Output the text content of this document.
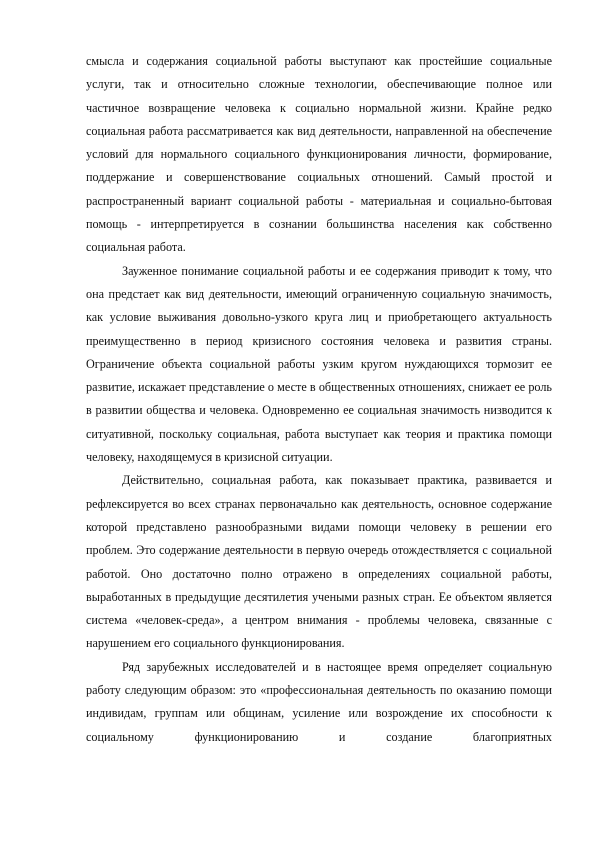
смысла и содержания социальной работы выступают как простейшие социальные услуги, так и относительно сложные технологии, обеспечивающие полное или частичное возвращение человека к социально нормальной жизни. Крайне редко социальная работа рассматривается как вид деятельности, направленной на обеспечение условий для нормального социального функционирования личности, формирование, поддержание и совершенствование социальных отношений. Самый простой и распространенный вариант социальной работы - материальная и социально-бытовая помощь - интерпретируется в сознании большинства населения как собственно социальная работа.

Зауженное понимание социальной работы и ее содержания приводит к тому, что она предстает как вид деятельности, имеющий ограниченную социальную значимость, как условие выживания довольно-узкого круга лиц и приобретающего актуальность преимущественно в период кризисного состояния человека и развития страны. Ограничение объекта социальной работы узким кругом нуждающихся тормозит ее развитие, искажает представление о месте в общественных отношениях, снижает ее роль в развитии общества и человека. Одновременно ее социальная значимость низводится к ситуативной, поскольку социальная, работа выступает как теория и практика помощи человеку, находящемуся в кризисной ситуации.

Действительно, социальная работа, как показывает практика, развивается и рефлексируется во всех странах первоначально как деятельность, основное содержание которой представлено разнообразными видами помощи человеку в решении его проблем. Это содержание деятельности в первую очередь отождествляется с социальной работой. Оно достаточно полно отражено в определениях социальной работы, выработанных в предыдущие десятилетия учеными разных стран. Ее объектом является система «человек-среда», а центром внимания - проблемы человека, связанные с нарушением его социального функционирования.

Ряд зарубежных исследователей и в настоящее время определяет социальную работу следующим образом: это «профессиональная деятельность по оказанию помощи индивидам, группам или общинам, усиление или возрождение их способности к социальному функционированию и создание благоприятных
